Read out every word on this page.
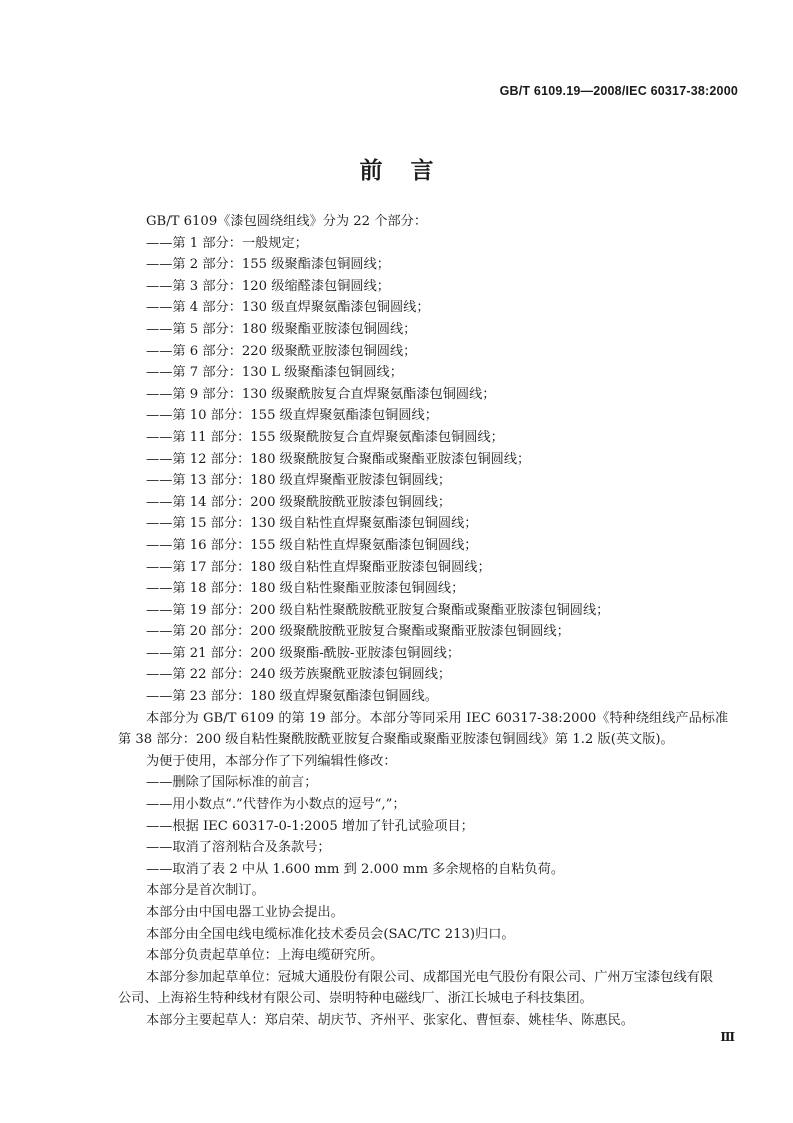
GB/T 6109.19—2008/IEC 60317-38:2000
前言
GB/T 6109《漆包圆绕组线》分为 22 个部分：
——第 1 部分：一般规定；
——第 2 部分：155 级聚酯漆包铜圆线；
——第 3 部分：120 级缩醛漆包铜圆线；
——第 4 部分：130 级直焊聚氨酯漆包铜圆线；
——第 5 部分：180 级聚酯亚胺漆包铜圆线；
——第 6 部分：220 级聚酰亚胺漆包铜圆线；
——第 7 部分：130 L 级聚酯漆包铜圆线；
——第 9 部分：130 级聚酰胺复合直焊聚氨酯漆包铜圆线；
——第 10 部分：155 级直焊聚氨酯漆包铜圆线；
——第 11 部分：155 级聚酰胺复合直焊聚氨酯漆包铜圆线；
——第 12 部分：180 级聚酰胺复合聚酯或聚酯亚胺漆包铜圆线；
——第 13 部分：180 级直焊聚酯亚胺漆包铜圆线；
——第 14 部分：200 级聚酰胺酰亚胺漆包铜圆线；
——第 15 部分：130 级自粘性直焊聚氨酯漆包铜圆线；
——第 16 部分：155 级自粘性直焊聚氨酯漆包铜圆线；
——第 17 部分：180 级自粘性直焊聚酯亚胺漆包铜圆线；
——第 18 部分：180 级自粘性聚酯亚胺漆包铜圆线；
——第 19 部分：200 级自粘性聚酰胺酰亚胺复合聚酯或聚酯亚胺漆包铜圆线；
——第 20 部分：200 级聚酰胺酰亚胺复合聚酯或聚酯亚胺漆包铜圆线；
——第 21 部分：200 级聚酯-酰胺-亚胺漆包铜圆线；
——第 22 部分：240 级芳族聚酰亚胺漆包铜圆线；
——第 23 部分：180 级直焊聚氨酯漆包铜圆线。
本部分为 GB/T 6109 的第 19 部分。本部分等同采用 IEC 60317-38:2000《特种绕组线产品标准
第 38 部分：200 级自粘性聚酰胺酰亚胺复合聚酯或聚酯亚胺漆包铜圆线》第 1.2 版(英文版)。
为便于使用，本部分作了下列编辑性修改：
——删除了国际标准的前言；
——用小数点“.”代替作为小数点的逗号“,”；
——根据 IEC 60317-0-1:2005 增加了针孔试验项目；
——取消了溶剂粘合及条款号；
——取消了表 2 中从 1.600 mm 到 2.000 mm 多余规格的自粘负荷。
本部分是首次制订。
本部分由中国电器工业协会提出。
本部分由全国电线电缆标准化技术委员会(SAC/TC 213)归口。
本部分负责起草单位：上海电缆研究所。
本部分参加起草单位：冠城大通股份有限公司、成都国光电气股份有限公司、广州万宝漆包线有限
公司、上海裕生特种线材有限公司、崇明特种电磁线厂、浙江长城电子科技集团。
本部分主要起草人：郑启荣、胡庆节、齐州平、张家化、曹恒泰、姚桂华、陈惠民。
Ⅲ
